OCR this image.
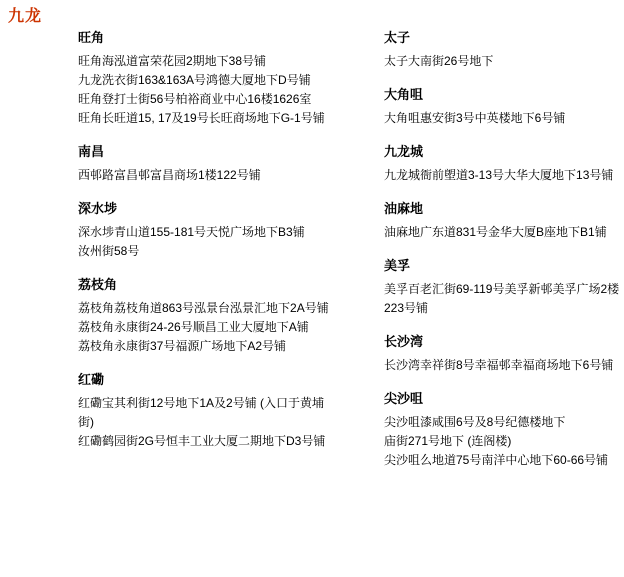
九龙
旺角

旺角海泓道富荣花园2期地下38号铺

九龙洗衣街163&163A号鸿德大厦地下D号铺

旺角登打士街56号柏裕商业中心16楼1626室

旺角长旺道15, 17及19号长旺商场地下G-1号铺

南昌

西邨路富昌邨富昌商场1楼122号铺

深水埗

深水埗青山道155-181号天悦广场地下B3铺

汝州街58号

荔枝角

荔枝角荔枝角道863号泓景台泓景汇地下2A号铺

荔枝角永康街24-26号顺昌工业大厦地下A铺

荔枝角永康街37号福源广场地下A2号铺

红磡

红磡宝其利街12号地下1A及2号铺 (入口于黄埔街)

红磡鹤园街2G号恒丰工业大厦二期地下D3号铺

太子

太子大南街26号地下

大角咀

大角咀惠安街3号中英楼地下6号铺

九龙城

九龙城衙前塱道3-13号大华大厦地下13号铺

油麻地

油麻地广东道831号金华大厦B座地下B1铺

美孚

美孚百老汇街69-119号美孚新邨美孚广场2楼223号铺

长沙湾

长沙湾幸祥街8号幸福邨幸福商场地下6号铺

尖沙咀

尖沙咀漆咸围6号及8号纪德楼地下

庙街271号地下 (连阁楼)

尖沙咀么地道75号南洋中心地下60-66号铺
